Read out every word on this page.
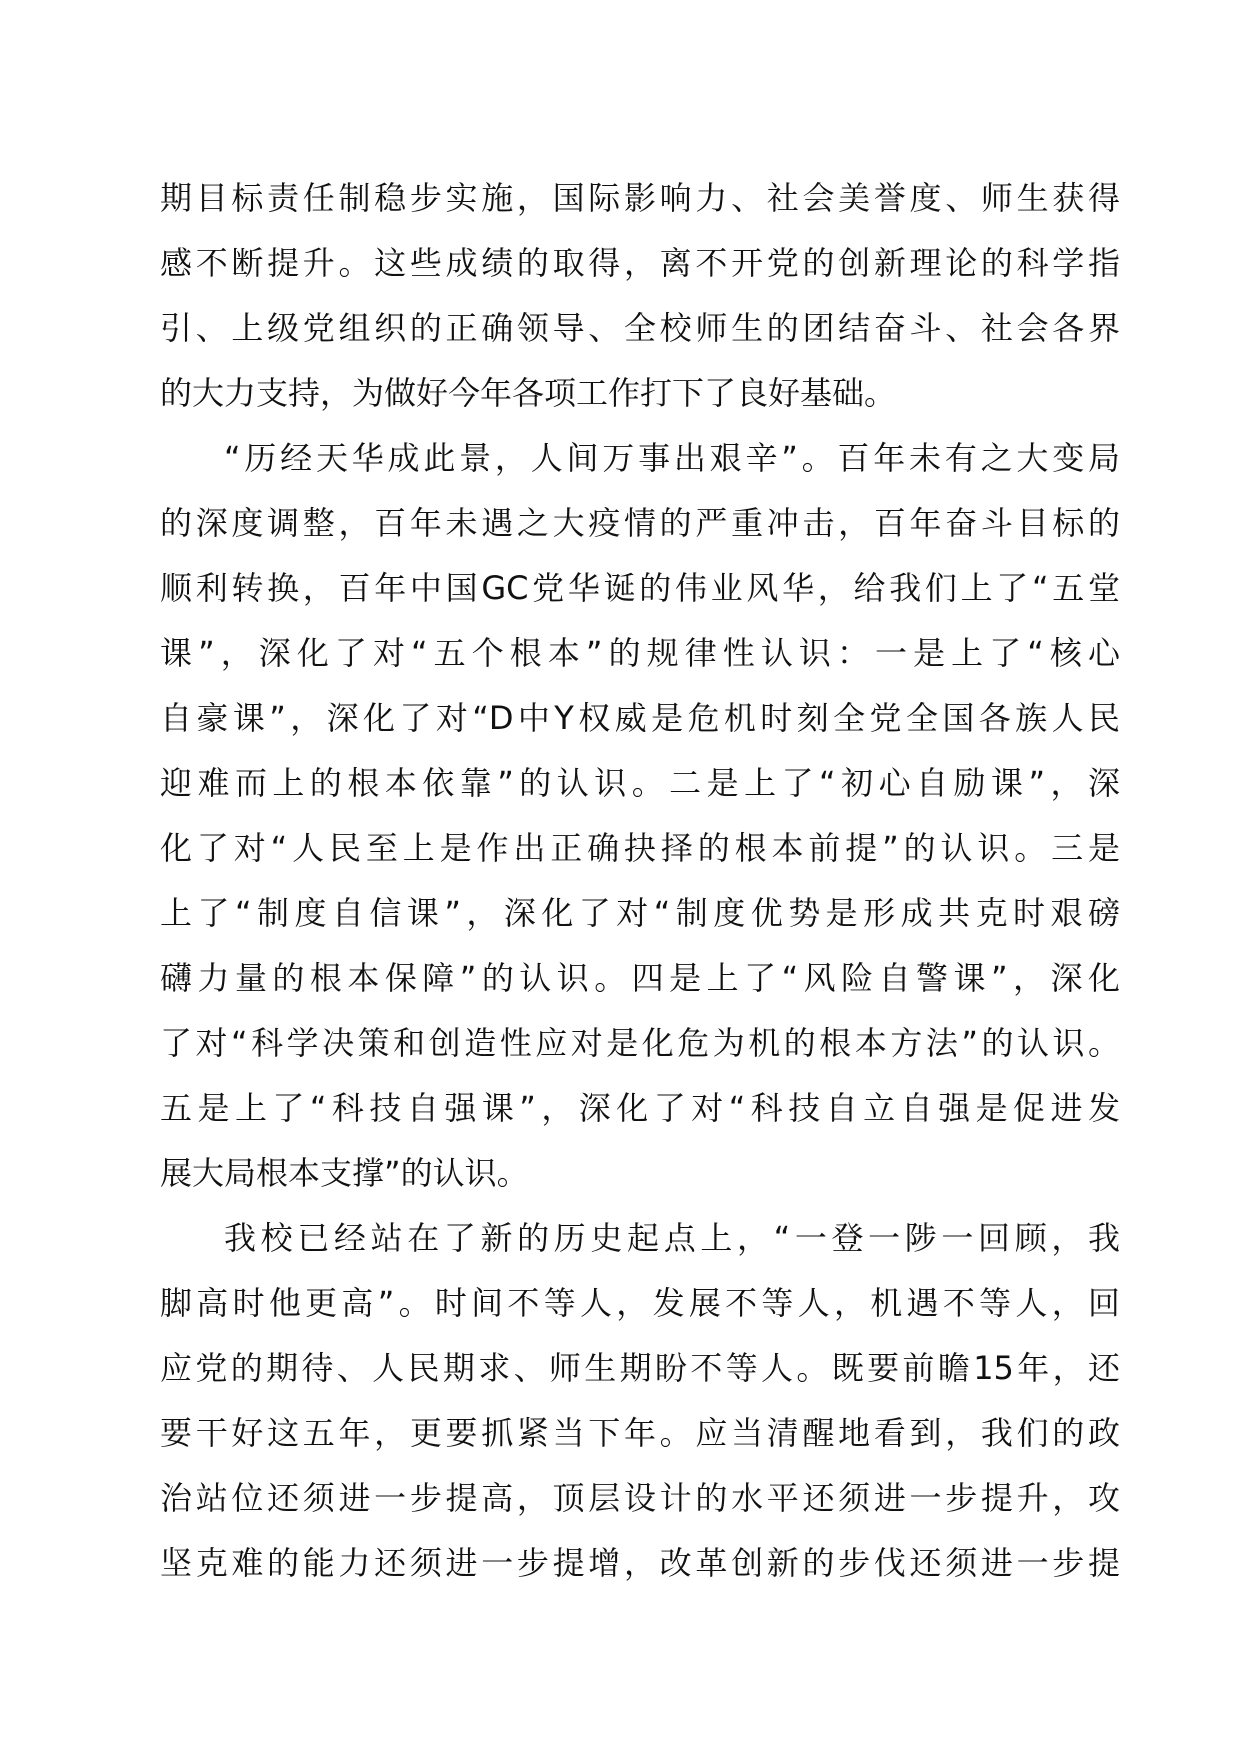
期目标责任制稳步实施，国际影响力、社会美誉度、师生获得
感不断提升。这些成绩的取得，离不开党的创新理论的科学指
引、上级党组织的正确领导、全校师生的团结奋斗、社会各界
的大力支持，为做好今年各项工作打下了良好基础。
“历经天华成此景，人间万事出艰辛”。百年未有之大变局
的深度调整，百年未遇之大疫情的严重冲击，百年奋斗目标的
顺利转换，百年中国GC党华诞的伟业风华，给我们上了“五堂
课”，深化了对“五个根本”的规律性认识：一是上了“核心
自豪课”，深化了对“D中Y权威是危机时刻全党全国各族人民
迎难而上的根本依靠”的认识。二是上了“初心自励课”，深
化了对“人民至上是作出正确抉择的根本前提”的认识。三是
上了“制度自信课”，深化了对“制度优势是形成共克时艰磅
礴力量的根本保障”的认识。四是上了“风险自警课”，深化
了对“科学决策和创造性应对是化危为机的根本方法”的认识。
五是上了“科技自强课”，深化了对“科技自立自强是促进发
展大局根本支撑”的认识。
我校已经站在了新的历史起点上，“一登一陟一回顾，我
脚高时他更高”。时间不等人，发展不等人，机遇不等人，回
应党的期待、人民期求、师生期盼不等人。既要前瞻15年，还
要干好这五年，更要抓紧当下年。应当清醒地看到，我们的政
治站位还须进一步提高，顶层设计的水平还须进一步提升，攻
坚克难的能力还须进一步提增，改革创新的步伐还须进一步提
